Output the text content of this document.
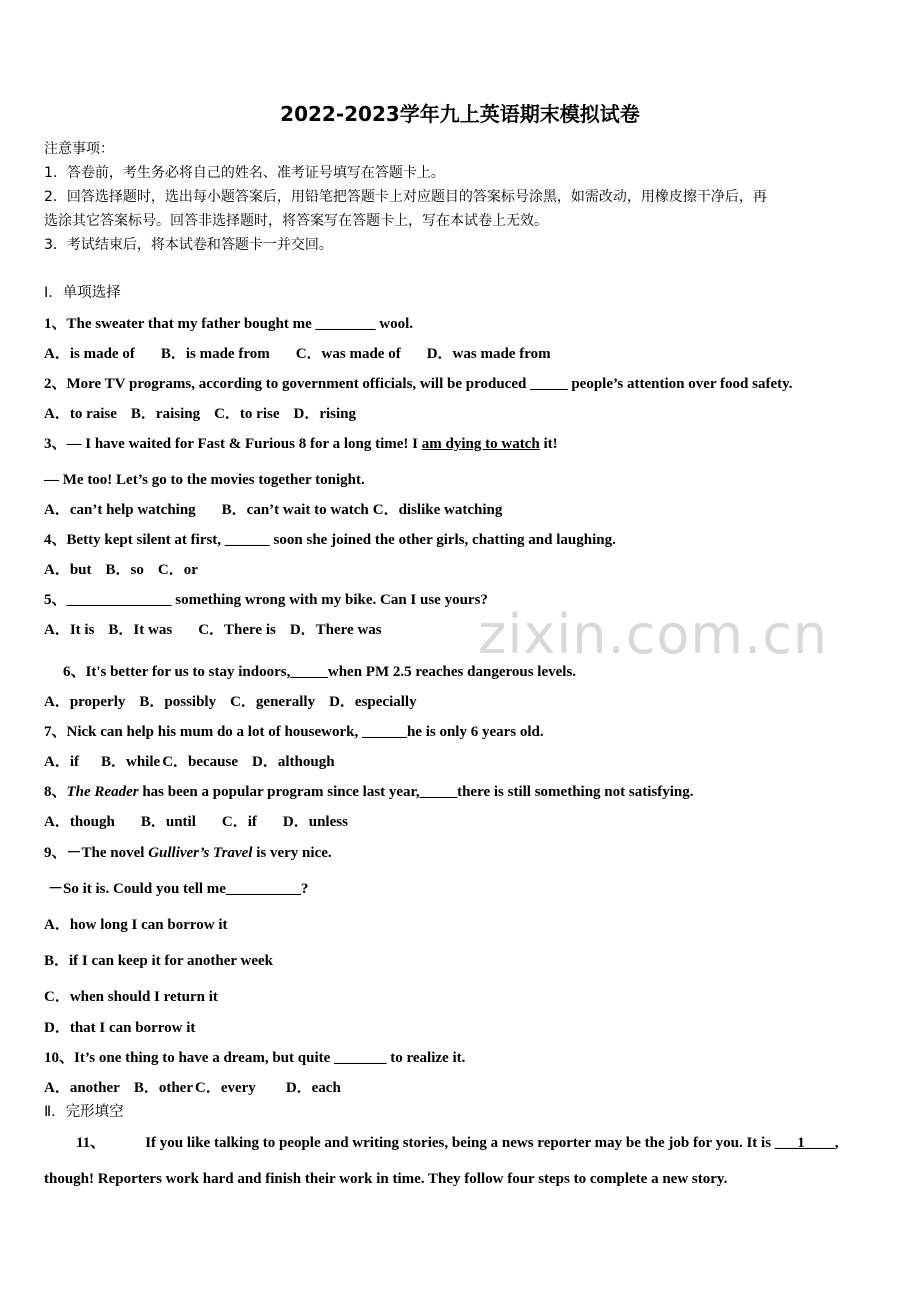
zixin.com.cn
2022-2023学年九上英语期末模拟试卷
注意事项：
1．答卷前，考生务必将自己的姓名、准考证号填写在答题卡上。
2．回答选择题时，选出每小题答案后，用铅笔把答题卡上对应题目的答案标号涂黑，如需改动，用橡皮擦干净后，再
选涂其它答案标号。回答非选择题时，将答案写在答题卡上，写在本试卷上无效。
3．考试结束后，将本试卷和答题卡一并交回。
Ⅰ．单项选择
1、The sweater that my father bought me ________ wool.
A．is made of B．is made from C．was made of D．was made from
2、More TV programs, according to government officials, will be produced _____ people’s attention over food safety.
A．to raise B．raising C．to rise D．rising
3、— I have waited for Fast & Furious 8 for a long time! I am dying to watch it!
— Me too! Let’s go to the movies together tonight.
A．can’t help watching B．can’t wait to watch C．dislike watching
4、Betty kept silent at first, ______ soon she joined the other girls, chatting and laughing.
A．but B．so C．or
5、______________ something wrong with my bike. Can I use yours?
A．It is B．It was C．There is D．There was
6、It's better for us to stay indoors,_____when PM 2.5 reaches dangerous levels.
A．properly B．possibly C．generally D．especially
7、Nick can help his mum do a lot of housework, ______he is only 6 years old.
A．if B．while C．because D．although
8、The Reader has been a popular program since last year,_____there is still something not satisfying.
A．though B．until C．if D．unless
9、－The novel Gulliver’s Travel is very nice.
－So it is. Could you tell me__________?
A．how long I can borrow it
B．if I can keep it for another week
C．when should I return it
D．that I can borrow it
10、It’s one thing to have a dream, but quite _______ to realize it.
A．another B．other C．every D．each
Ⅱ．完形填空
11、	If you like talking to people and writing stories, being a news reporter may be the job for you. It is ___1____,
though! Reporters work hard and finish their work in time. They follow four steps to complete a new story.
